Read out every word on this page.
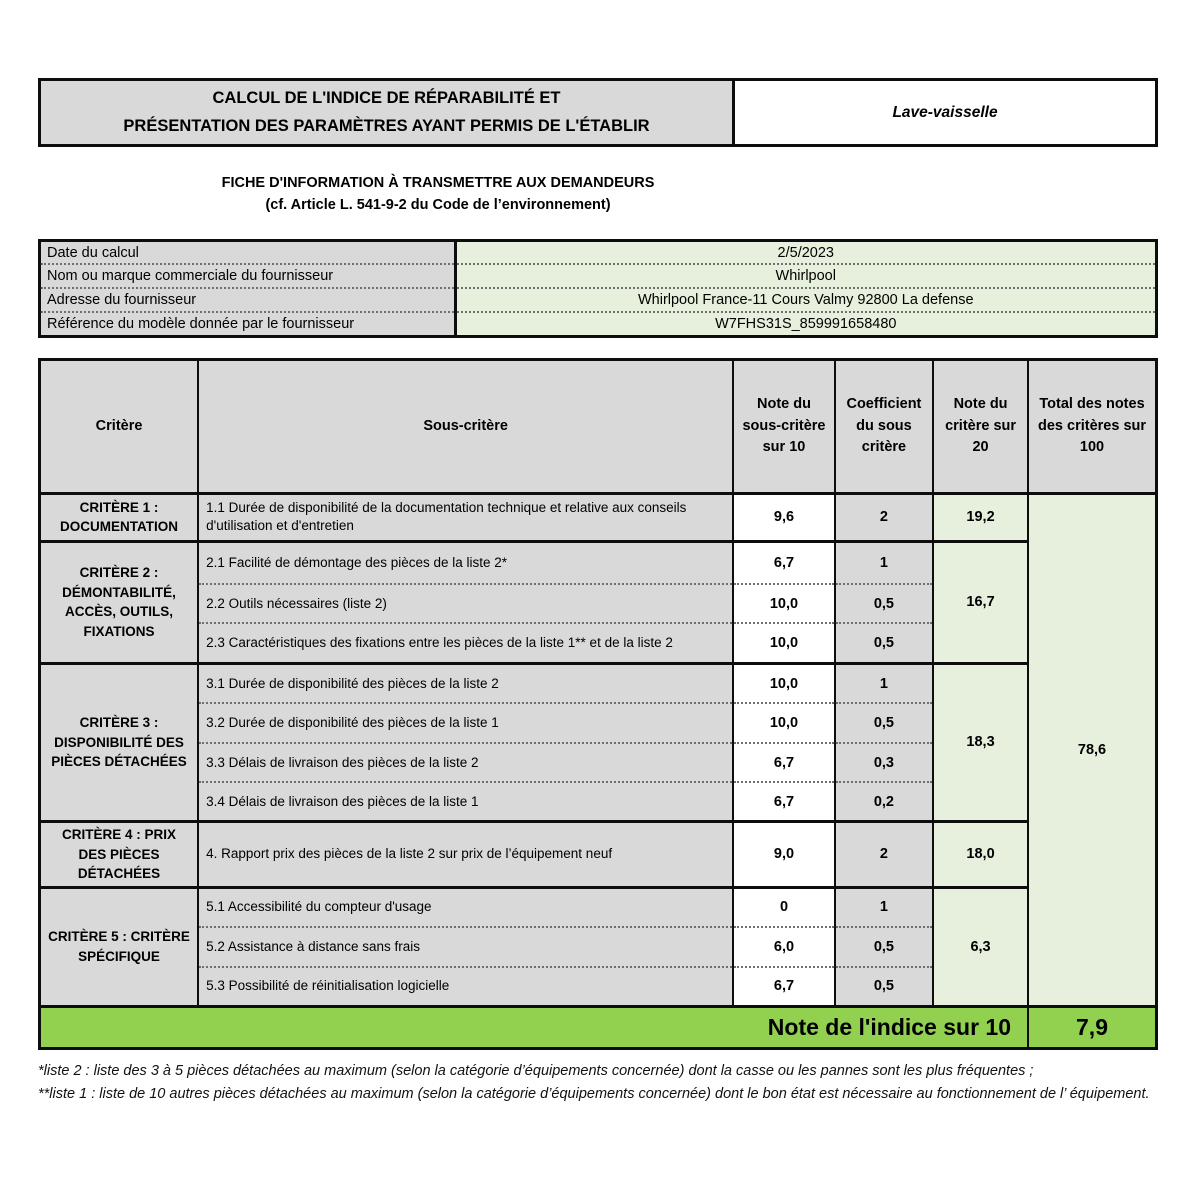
CALCUL DE L'INDICE DE RÉPARABILITÉ ET
PRÉSENTATION DES PARAMÈTRES AYANT PERMIS DE L'ÉTABLIR
Lave-vaisselle
FICHE D'INFORMATION À TRANSMETTRE AUX DEMANDEURS
(cf. Article L. 541-9-2 du Code de l’environnement)
Date du calcul	2/5/2023
Nom ou marque commerciale du fournisseur	Whirlpool
Adresse du fournisseur	Whirlpool France-11 Cours Valmy 92800 La defense
Référence du modèle donnée par le fournisseur	W7FHS31S_859991658480
Critère	Sous-critère	Note du sous-critère sur 10	Coefficient du sous critère	Note du critère sur 20	Total des notes des critères sur 100
CRITÈRE 1 : DOCUMENTATION	1.1 Durée de disponibilité de la documentation technique et relative aux conseils d'utilisation et d'entretien	9,6	2	19,2	78,6
CRITÈRE 2 : DÉMONTABILITÉ, ACCÈS, OUTILS, FIXATIONS	2.1 Facilité de démontage des pièces de la liste 2*	6,7	1	16,7	
	2.2 Outils nécessaires (liste 2)	10,0	0,5		
	2.3 Caractéristiques des fixations entre les pièces de la liste 1** et de la liste 2	10,0	0,5		
CRITÈRE 3 : DISPONIBILITÉ DES PIÈCES DÉTACHÉES	3.1 Durée de disponibilité des pièces de la liste 2	10,0	1	18,3	
	3.2 Durée de disponibilité des pièces de la liste 1	10,0	0,5		
	3.3 Délais de livraison des pièces de la liste 2	6,7	0,3		
	3.4 Délais de livraison des pièces de la liste 1	6,7	0,2		
CRITÈRE 4 : PRIX DES PIÈCES DÉTACHÉES	4. Rapport prix des pièces de la liste 2 sur prix de l’équipement neuf	9,0	2	18,0	
CRITÈRE 5 : CRITÈRE SPÉCIFIQUE	5.1 Accessibilité du compteur d'usage	0	1	6,3	
	5.2 Assistance à distance sans frais	6,0	0,5		
	5.3 Possibilité de réinitialisation logicielle	6,7	0,5		
Note de l'indice sur 10					7,9
*liste 2 : liste des 3 à 5 pièces détachées au maximum (selon la catégorie d’équipements concernée) dont la casse ou les pannes sont les plus fréquentes ;
**liste 1 : liste de 10 autres pièces détachées au maximum (selon la catégorie d’équipements concernée) dont le bon état est nécessaire au fonctionnement de l’ équipement.
